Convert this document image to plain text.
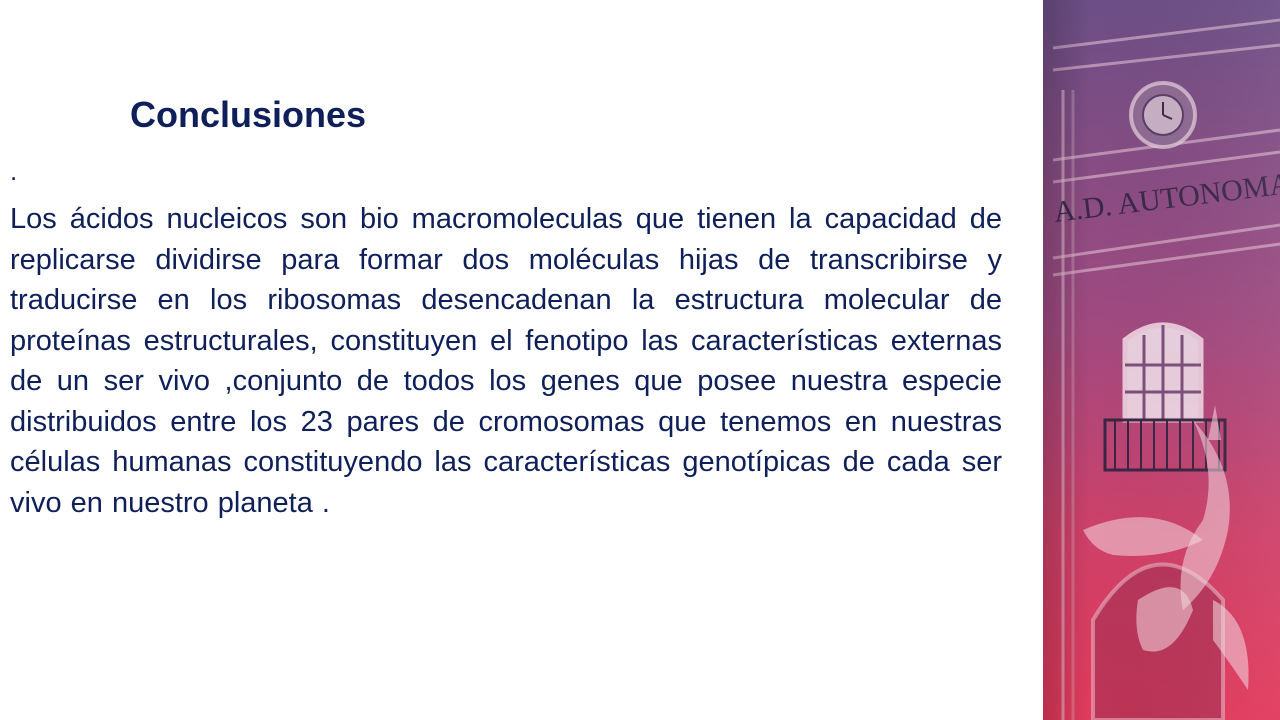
Conclusiones
.

Los ácidos nucleicos son bio macromoleculas que tienen la capacidad de replicarse dividirse para formar dos moléculas hijas de transcribirse y traducirse en los ribosomas desencadenan la estructura molecular de proteínas estructurales, constituyen el fenotipo las características externas de un ser vivo ,conjunto de todos los genes que posee nuestra especie distribuidos entre los 23 pares de cromosomas que tenemos en nuestras células humanas constituyendo las características genotípicas de cada ser vivo en nuestro planeta .
